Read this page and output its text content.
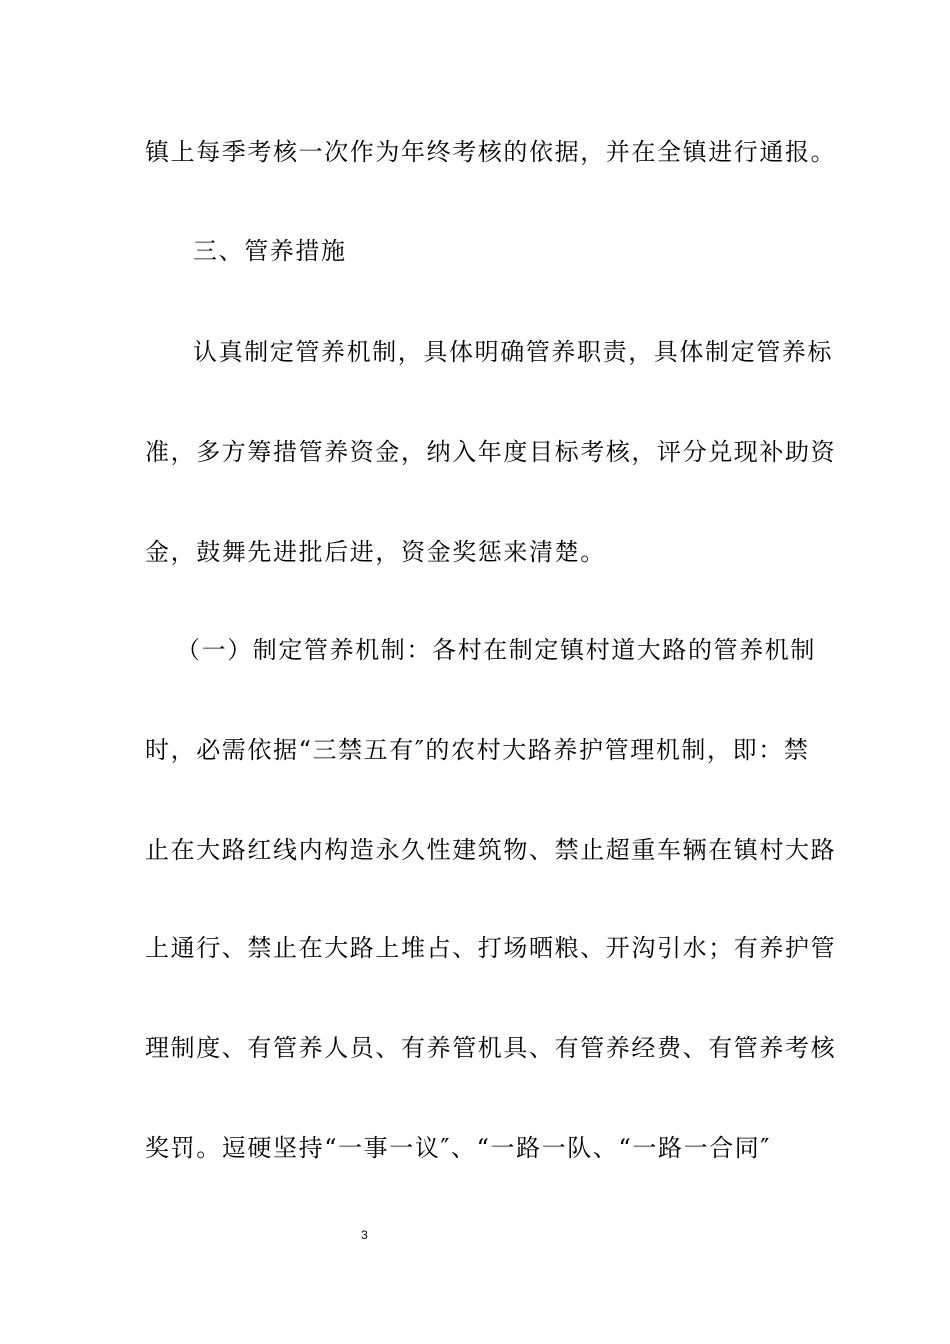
镇上每季考核一次作为年终考核的依据，并在全镇进行通报。
三、管养措施
认真制定管养机制，具体明确管养职责，具体制定管养标
准，多方筹措管养资金，纳入年度目标考核，评分兑现补助资
金，鼓舞先进批后进，资金奖惩来清楚。
（一）制定管养机制：各村在制定镇村道大路的管养机制
时，必需依据“三禁五有″的农村大路养护管理机制，即：禁
止在大路红线内构造永久性建筑物、禁止超重车辆在镇村大路
上通行、禁止在大路上堆占、打场晒粮、开沟引水；有养护管
理制度、有管养人员、有养管机具、有管养经费、有管养考核
奖罚。逗硬坚持“一事一议″、“一路一队、“一路一合同″
3
